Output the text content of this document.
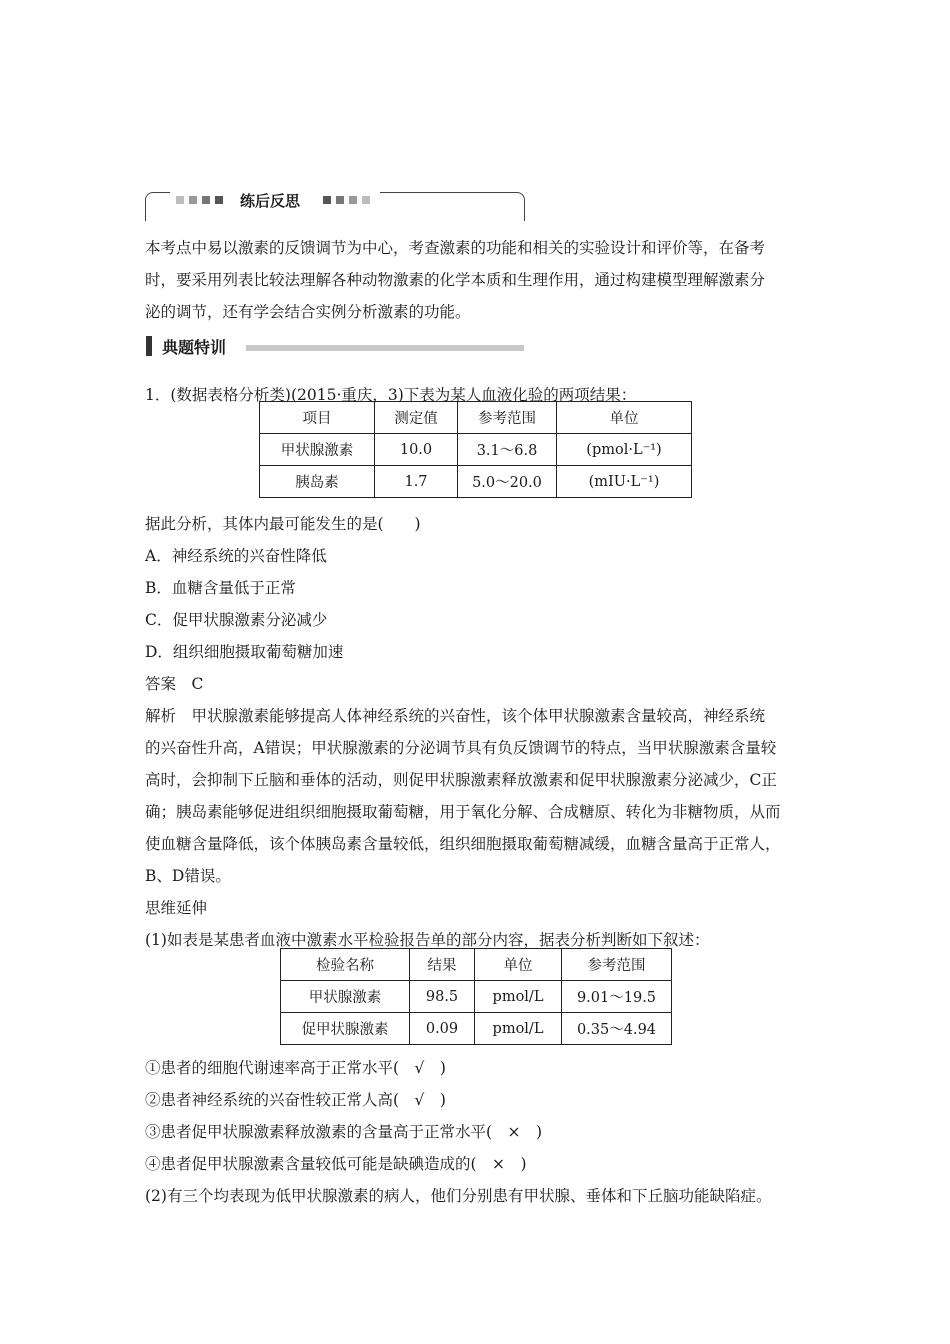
练后反思
本考点中易以激素的反馈调节为中心，考查激素的功能和相关的实验设计和评价等，在备考
时，要采用列表比较法理解各种动物激素的化学本质和生理作用，通过构建模型理解激素分
泌的调节，还有学会结合实例分析激素的功能。
典题特训
1．(数据表格分析类)(2015·重庆，3)下表为某人血液化验的两项结果：
项目	测定值	参考范围	单位
甲状腺激素	10.0	3.1～6.8	(pmol·L⁻¹)
胰岛素	1.7	5.0～20.0	(mIU·L⁻¹)
据此分析，其体内最可能发生的是(　　)
A．神经系统的兴奋性降低
B．血糖含量低于正常
C．促甲状腺激素分泌减少
D．组织细胞摄取葡萄糖加速
答案　C
解析　甲状腺激素能够提高人体神经系统的兴奋性，该个体甲状腺激素含量较高，神经系统
的兴奋性升高，A错误；甲状腺激素的分泌调节具有负反馈调节的特点，当甲状腺激素含量较
高时，会抑制下丘脑和垂体的活动，则促甲状腺激素释放激素和促甲状腺激素分泌减少，C正
确；胰岛素能够促进组织细胞摄取葡萄糖，用于氧化分解、合成糖原、转化为非糖物质，从而
使血糖含量降低，该个体胰岛素含量较低，组织细胞摄取葡萄糖减缓，血糖含量高于正常人，
B、D错误。
思维延伸
(1)如表是某患者血液中激素水平检验报告单的部分内容，据表分析判断如下叙述：
检验名称	结果	单位	参考范围
甲状腺激素	98.5	pmol/L	9.01～19.5
促甲状腺激素	0.09	pmol/L	0.35～4.94
①患者的细胞代谢速率高于正常水平(　√　)
②患者神经系统的兴奋性较正常人高(　√　)
③患者促甲状腺激素释放激素的含量高于正常水平(　×　)
④患者促甲状腺激素含量较低可能是缺碘造成的(　×　)
(2)有三个均表现为低甲状腺激素的病人，他们分别患有甲状腺、垂体和下丘脑功能缺陷症。
